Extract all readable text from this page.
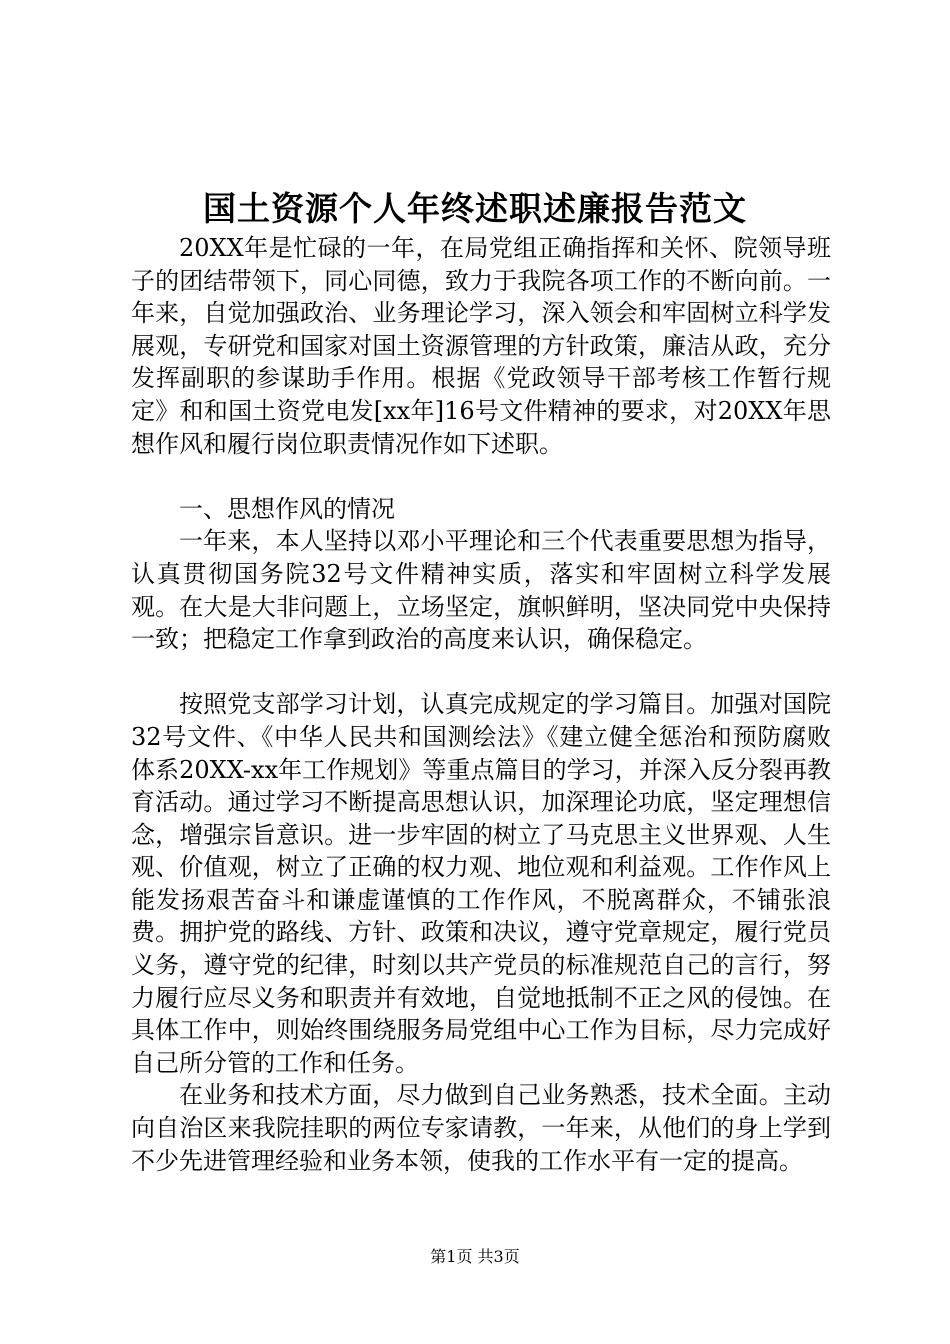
国土资源个人年终述职述廉报告范文

20XX年是忙碌的一年，在局党组正确指挥和关怀、院领导班子的团结带领下，同心同德，致力于我院各项工作的不断向前。一年来，自觉加强政治、业务理论学习，深入领会和牢固树立科学发展观，专研党和国家对国土资源管理的方针政策，廉洁从政，充分发挥副职的参谋助手作用。根据《党政领导干部考核工作暂行规定》和和国土资党电发[xx年]16号文件精神的要求，对20XX年思想作风和履行岗位职责情况作如下述职。

一、思想作风的情况

一年来，本人坚持以邓小平理论和三个代表重要思想为指导，认真贯彻国务院32号文件精神实质，落实和牢固树立科学发展观。在大是大非问题上，立场坚定，旗帜鲜明，坚决同党中央保持一致；把稳定工作拿到政治的高度来认识，确保稳定。

按照党支部学习计划，认真完成规定的学习篇目。加强对国院32号文件、《中华人民共和国测绘法》《建立健全惩治和预防腐败体系20XX-xx年工作规划》等重点篇目的学习，并深入反分裂再教育活动。通过学习不断提高思想认识，加深理论功底，坚定理想信念，增强宗旨意识。进一步牢固的树立了马克思主义世界观、人生观、价值观，树立了正确的权力观、地位观和利益观。工作作风上能发扬艰苦奋斗和谦虚谨慎的工作作风，不脱离群众，不铺张浪费。拥护党的路线、方针、政策和决议，遵守党章规定，履行党员义务，遵守党的纪律，时刻以共产党员的标准规范自己的言行，努力履行应尽义务和职责并有效地，自觉地抵制不正之风的侵蚀。在具体工作中，则始终围绕服务局党组中心工作为目标，尽力完成好自己所分管的工作和任务。

在业务和技术方面，尽力做到自己业务熟悉，技术全面。主动向自治区来我院挂职的两位专家请教，一年来，从他们的身上学到不少先进管理经验和业务本领，使我的工作水平有一定的提高。

第1页 共3页
